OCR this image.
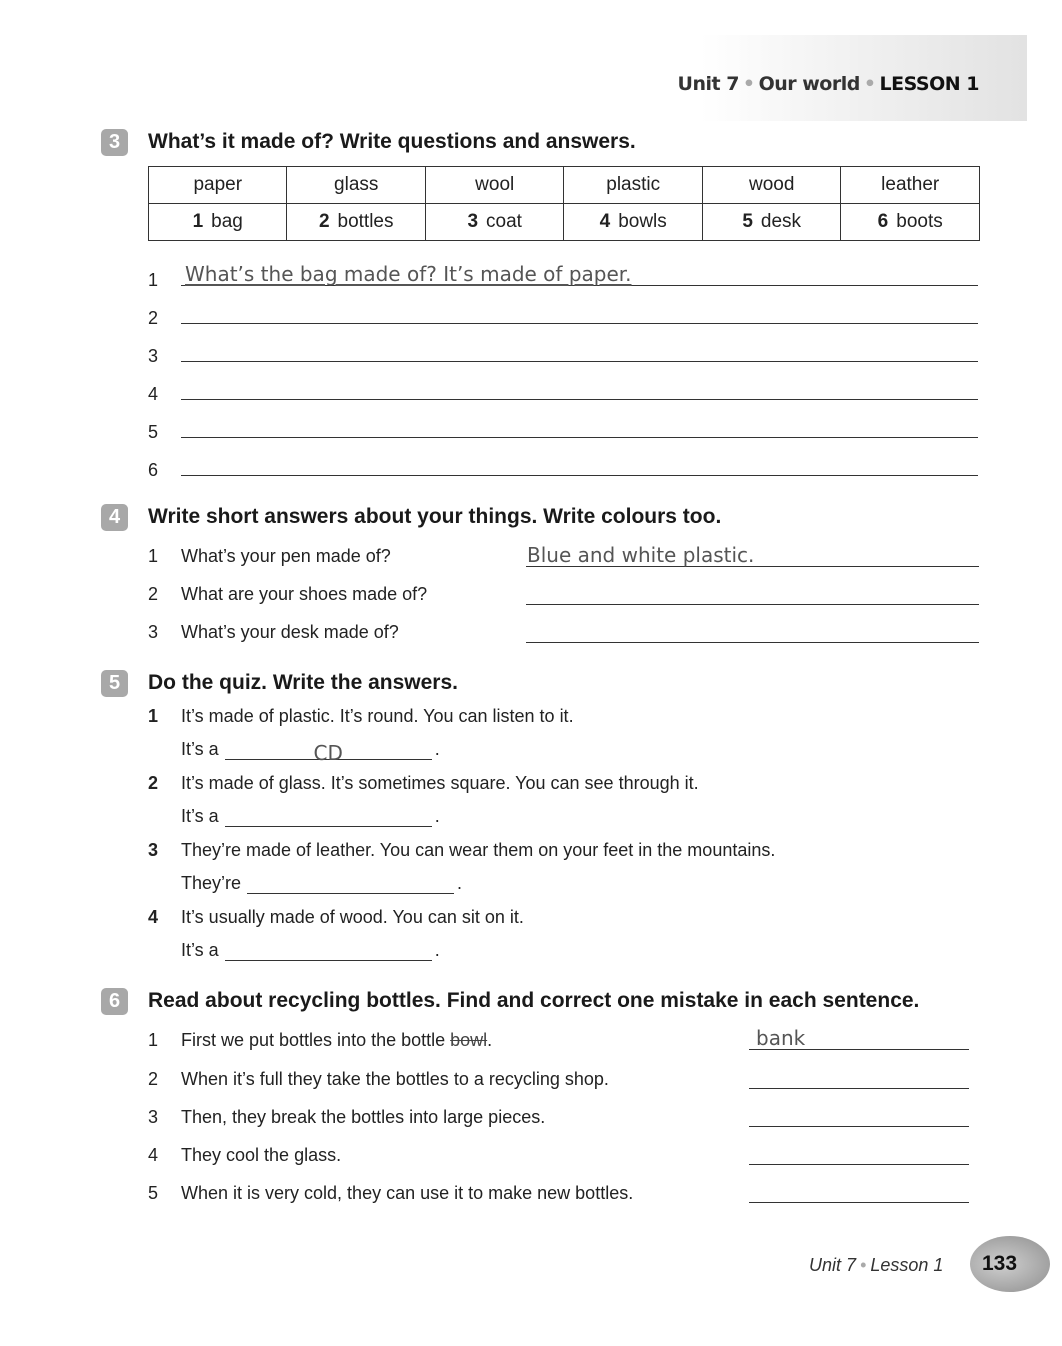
Unit 7 • Our world • LESSON 1
3	What’s it made of? Write questions and answers.
paper	glass	wool	plastic	wood	leather
1 bag	2 bottles	3 coat	4 bowls	5 desk	6 boots
4	Write short answers about your things. Write colours too.
5	Do the quiz. Write the answers.
6	Read about recycling bottles. Find and correct one mistake in each sentence.
1 First we put bottles into the bottle bowl.	bank
Unit 7 • Lesson 1	133
1
2
3
4
5
6
What’s the bag made of? It’s made of paper.
1 What’s your pen made of?
2 What are your shoes made of?
3 What’s your desk made of?
Blue and white plastic.
1 It’s made of plastic. It’s round. You can listen to it.
It’s a	CD	.
2 It’s made of glass. It’s sometimes square. You can see through it.
It’s a	.
3 They’re made of leather. You can wear them on your feet in the mountains.
They’re	.
4 It’s usually made of wood. You can sit on it.
It’s a	.
2 When it’s full they take the bottles to a recycling shop.
3 Then, they break the bottles into large pieces.
4 They cool the glass.
5 When it is very cold, they can use it to make new bottles.
